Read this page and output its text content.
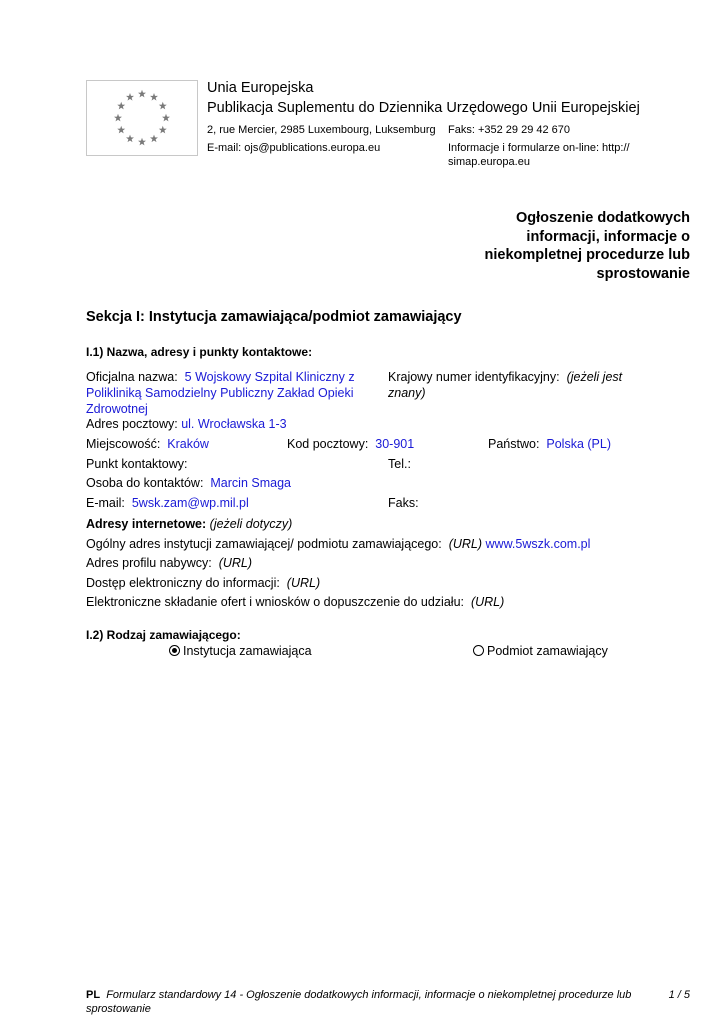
Unia Europejska
Publikacja Suplementu do Dziennika Urzędowego Unii Europejskiej
2, rue Mercier, 2985 Luxembourg, Luksemburg Faks: +352 29 29 42 670
E-mail: ojs@publications.europa.eu	Informacje i formularze on-line: http://
simap.europa.eu
Ogłoszenie dodatkowych
informacji, informacje o
niekompletnej procedurze lub
sprostowanie
Sekcja I: Instytucja zamawiająca/podmiot zamawiający
I.1) Nazwa, adresy i punkty kontaktowe:
Oficjalna nazwa: 5 Wojskowy Szpital Kliniczny z
Polikliniką Samodzielny Publiczny Zakład Opieki
Zdrowotnej
Krajowy numer identyfikacyjny: (jeżeli jest
znany)
Adres pocztowy: ul. Wrocławska 1-3
Miejscowość: Kraków	Kod pocztowy: 30-901	Państwo: Polska (PL)
Punkt kontaktowy:	Tel.:
Osoba do kontaktów: Marcin Smaga
E-mail: 5wsk.zam@wp.mil.pl	Faks:
Adresy internetowe: (jeżeli dotyczy)
Ogólny adres instytucji zamawiającej/ podmiotu zamawiającego: (URL) www.5wszk.com.pl
Adres profilu nabywcy: (URL)
Dostęp elektroniczny do informacji: (URL)
Elektroniczne składanie ofert i wniosków o dopuszczenie do udziału: (URL)
I.2) Rodzaj zamawiającego:
Instytucja zamawiająca	Podmiot zamawiający
PL Formularz standardowy 14 - Ogłoszenie dodatkowych informacji, informacje o niekompletnej procedurze lub
sprostowanie
1 / 5
